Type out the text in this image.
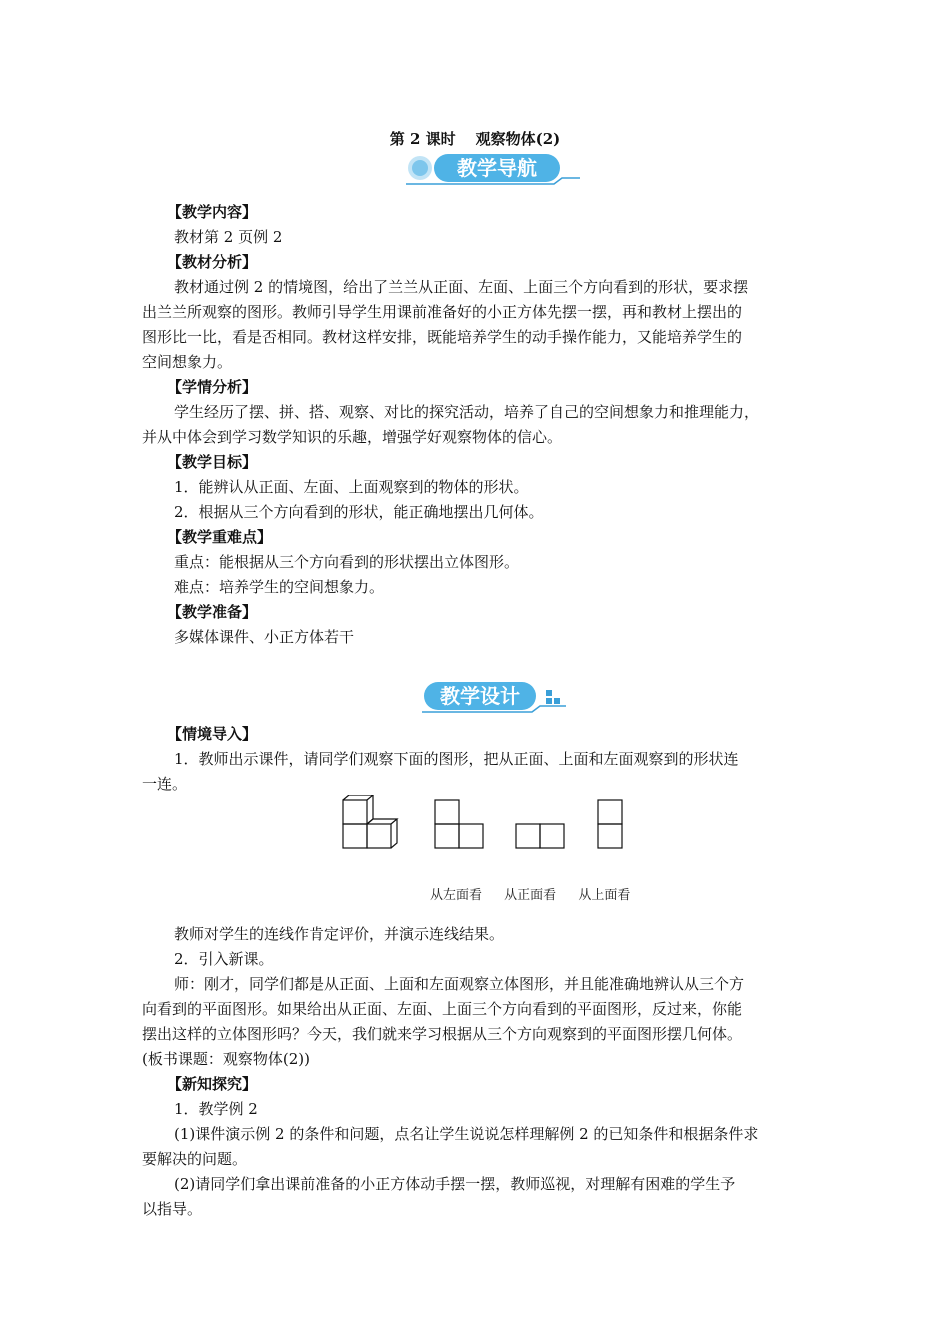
第 2 课时 观察物体(2)
教学导航
【教学内容】
教材第 2 页例 2
【教材分析】
教材通过例 2 的情境图，给出了兰兰从正面、左面、上面三个方向看到的形状，要求摆
出兰兰所观察的图形。教师引导学生用课前准备好的小正方体先摆一摆，再和教材上摆出的
图形比一比，看是否相同。教材这样安排，既能培养学生的动手操作能力，又能培养学生的
空间想象力。
【学情分析】
学生经历了摆、拼、搭、观察、对比的探究活动，培养了自己的空间想象力和推理能力，
并从中体会到学习数学知识的乐趣，增强学好观察物体的信心。
【教学目标】
1．能辨认从正面、左面、上面观察到的物体的形状。
2．根据从三个方向看到的形状，能正确地摆出几何体。
【教学重难点】
重点：能根据从三个方向看到的形状摆出立体图形。
难点：培养学生的空间想象力。
【教学准备】
多媒体课件、小正方体若干
教学设计
【情境导入】
1．教师出示课件，请同学们观察下面的图形，把从正面、上面和左面观察到的形状连
一连。
从左面看 从正面看 从上面看
教师对学生的连线作肯定评价，并演示连线结果。
2．引入新课。
师：刚才，同学们都是从正面、上面和左面观察立体图形，并且能准确地辨认从三个方
向看到的平面图形。如果给出从正面、左面、上面三个方向看到的平面图形，反过来，你能
摆出这样的立体图形吗？今天，我们就来学习根据从三个方向观察到的平面图形摆几何体。
(板书课题：观察物体(2))
【新知探究】
1．教学例 2
(1)课件演示例 2 的条件和问题，点名让学生说说怎样理解例 2 的已知条件和根据条件求
要解决的问题。
(2)请同学们拿出课前准备的小正方体动手摆一摆，教师巡视，对理解有困难的学生予
以指导。
